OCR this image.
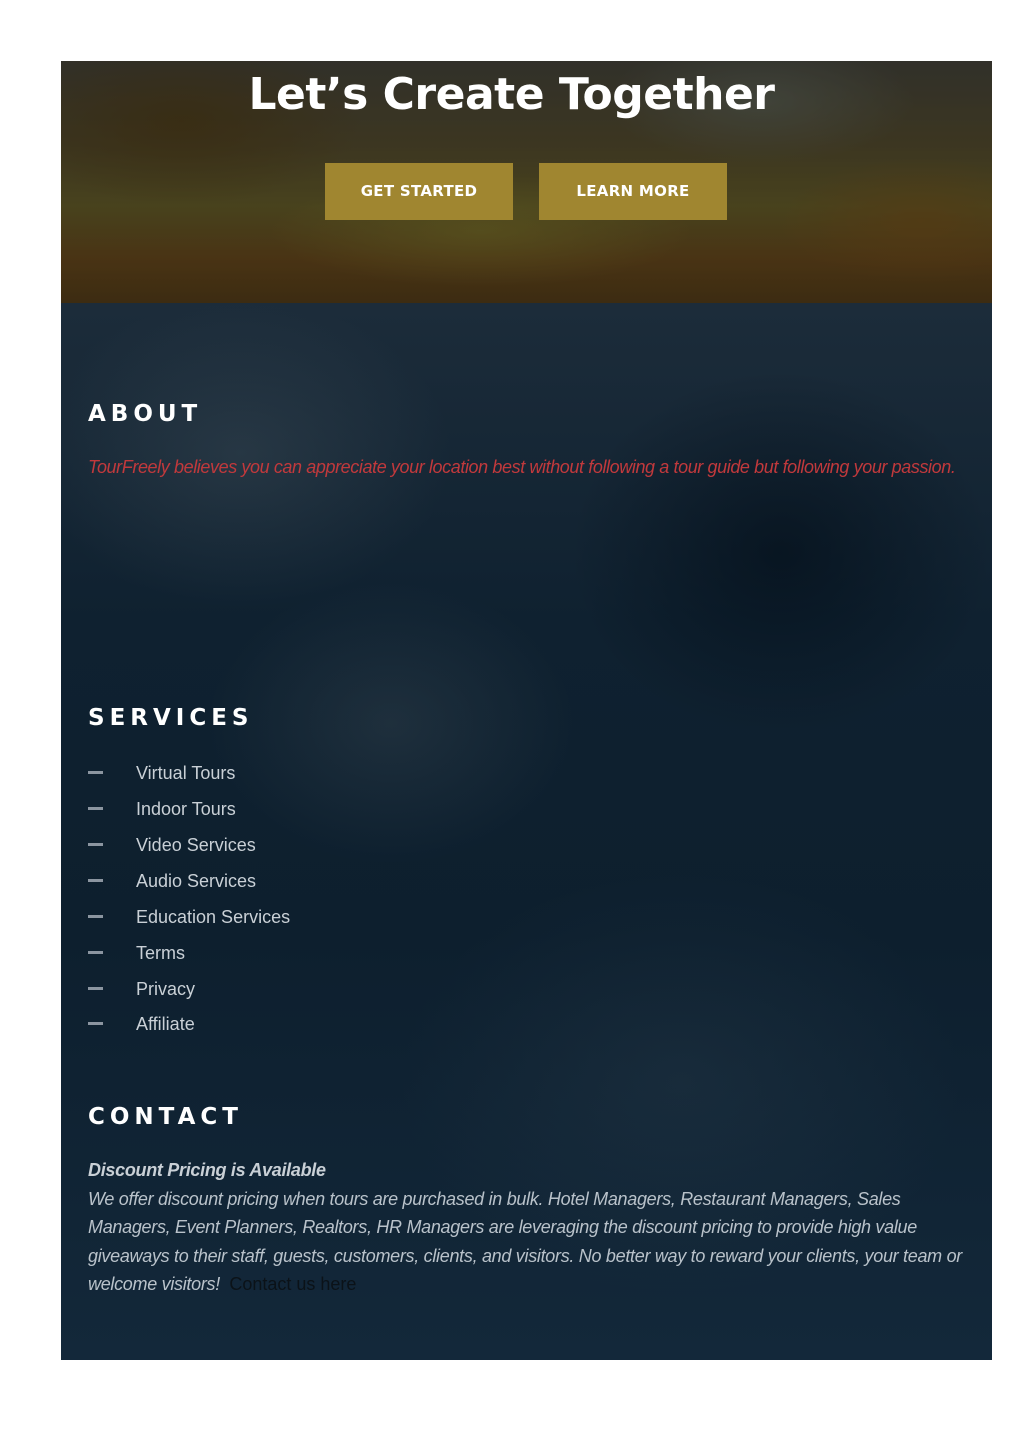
Let’s Create Together
GET STARTED	LEARN MORE
ABOUT

TourFreely believes you can appreciate your location best without following a tour guide but following your passion.

SERVICES
Virtual Tours
Indoor Tours
Video Services
Audio Services
Education Services
Terms
Privacy
Affiliate
CONTACT

Discount Pricing is Available
We offer discount pricing when tours are purchased in bulk. Hotel Managers, Restaurant Managers, Sales Managers, Event Planners, Realtors, HR Managers are leveraging the discount pricing to provide high value giveaways to their staff, guests, customers, clients, and visitors. No better way to reward your clients, your team or welcome visitors! Contact us here
